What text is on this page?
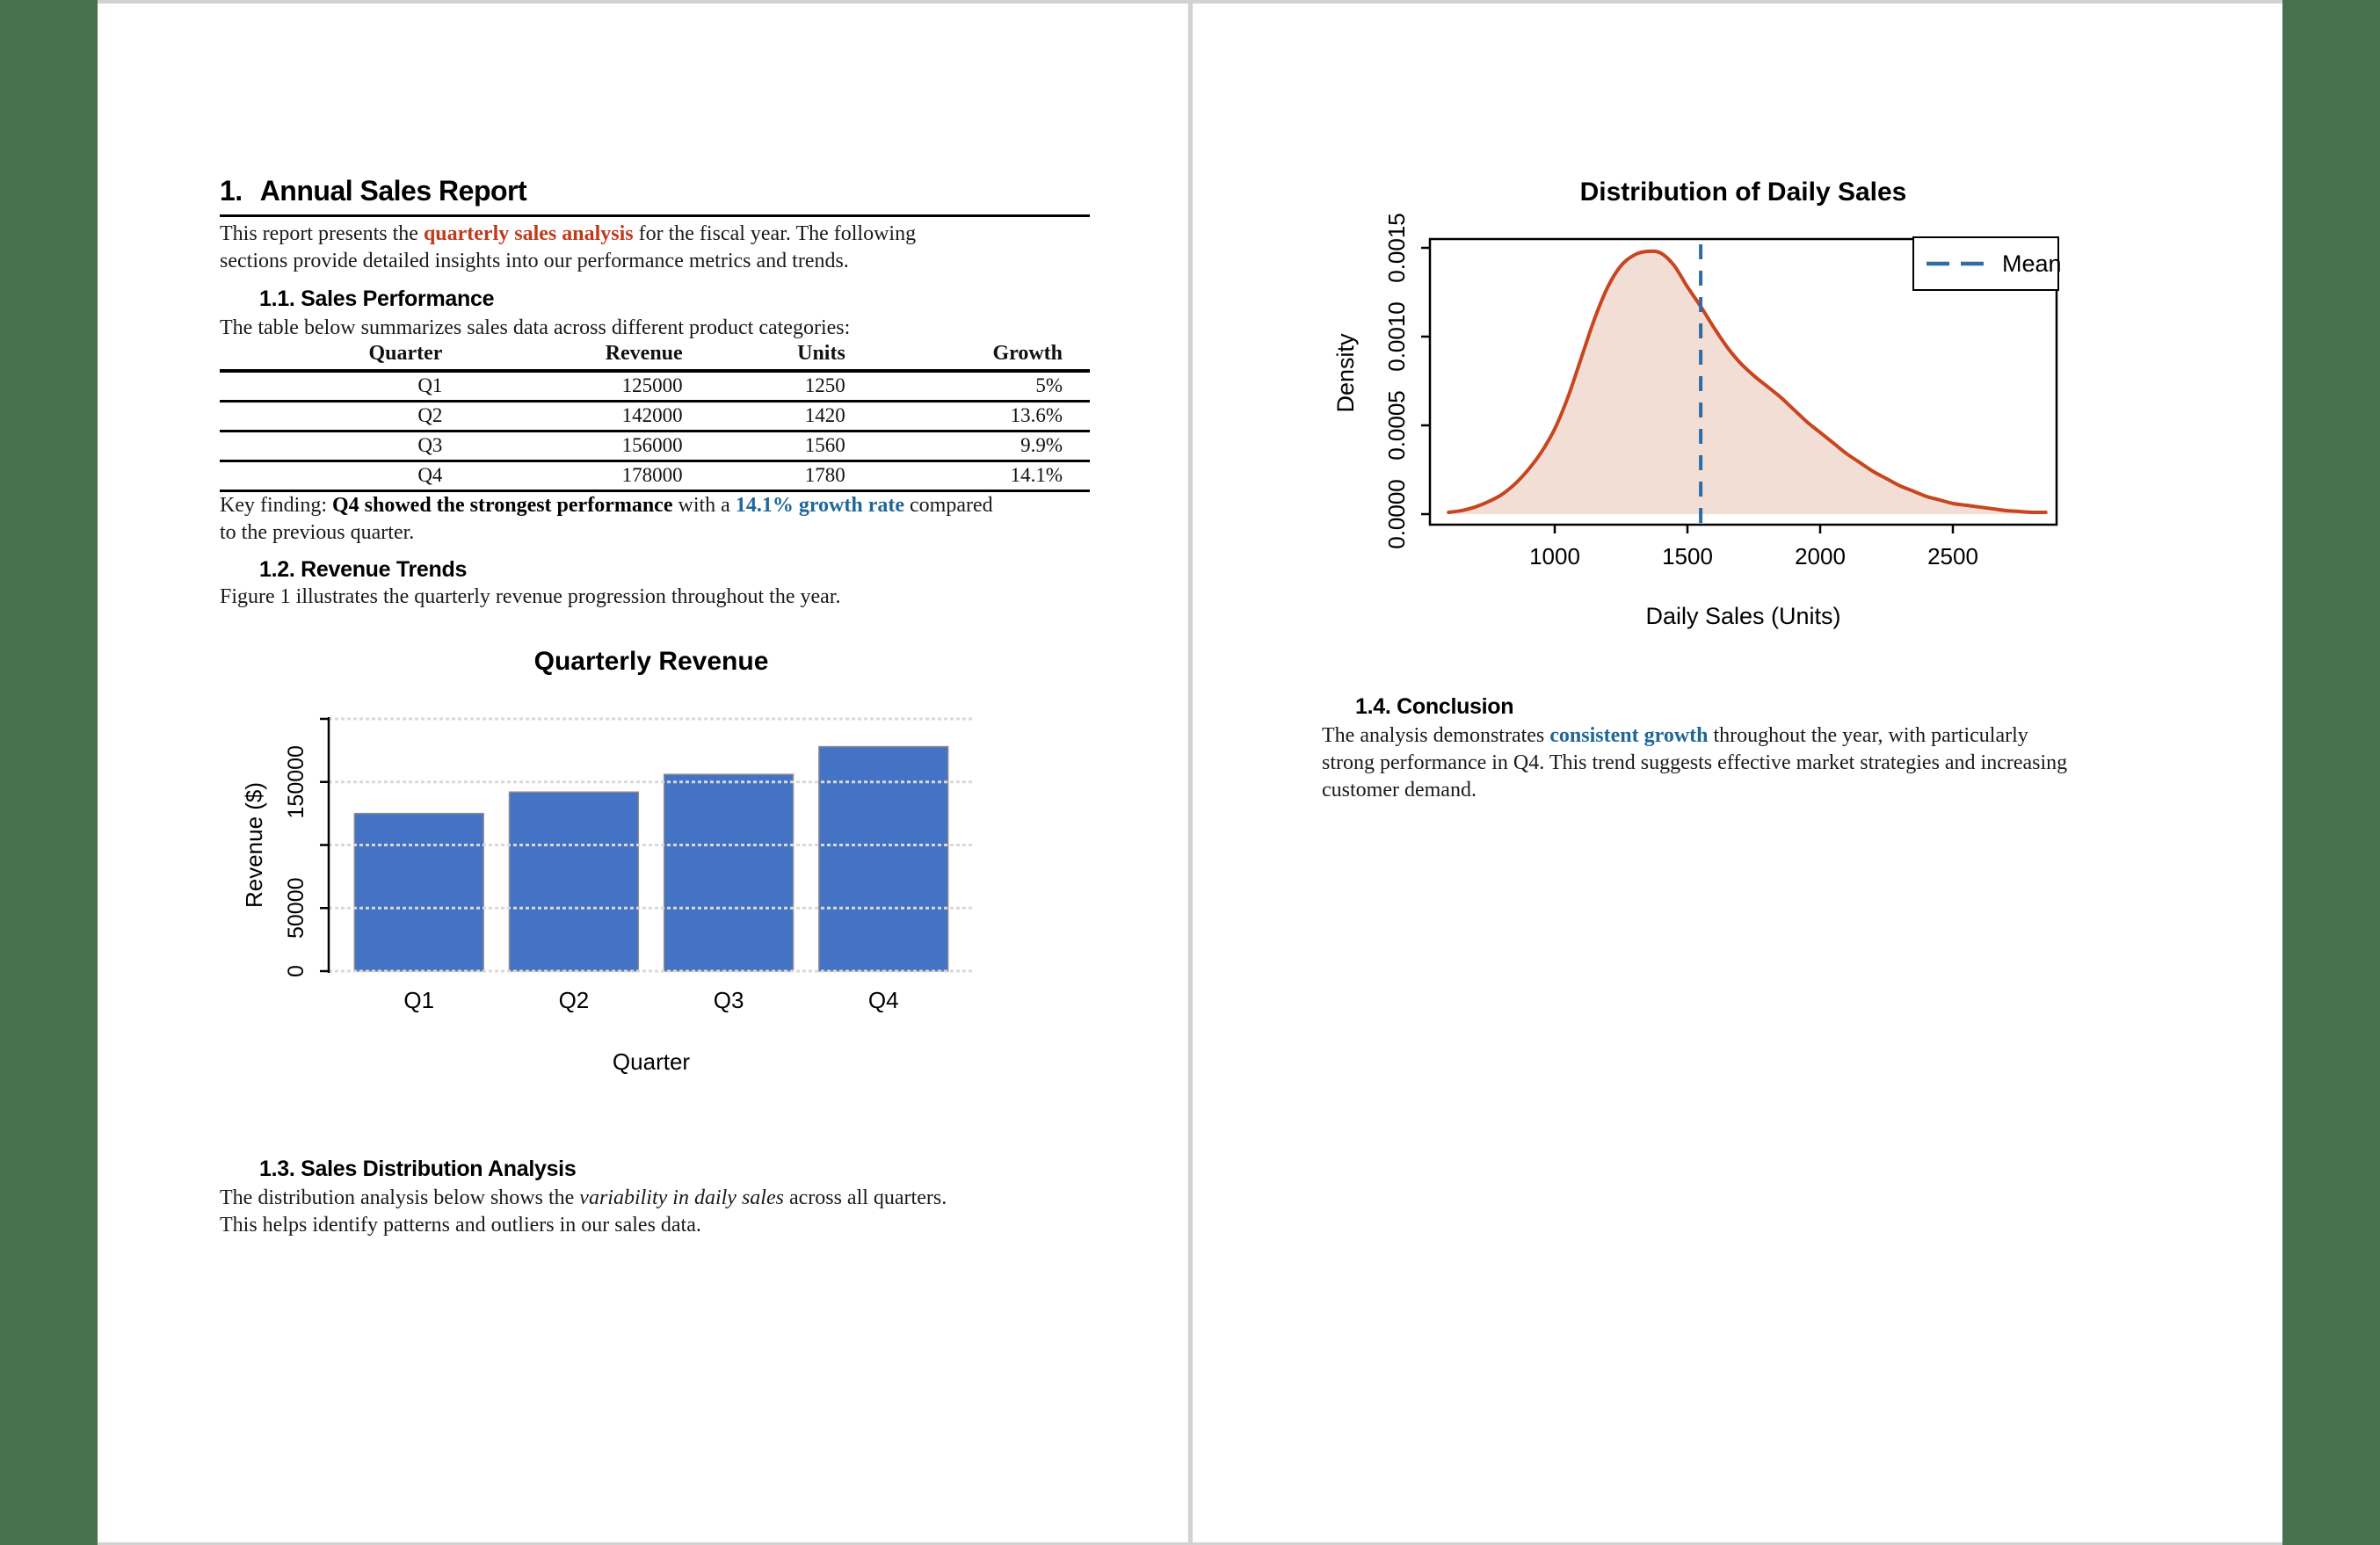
1. Annual Sales Report

This report presents the quarterly sales analysis for the fiscal year. The following
sections provide detailed insights into our performance metrics and trends.

1.1. Sales Performance

The table below summarizes sales data across different product categories:

Quarter	Revenue	Units	Growth
Q1	125000	1250	5%
Q2	142000	1420	13.6%
Q3	156000	1560	9.9%
Q4	178000	1780	14.1%

Key finding: Q4 showed the strongest performance with a 14.1% growth rate compared
to the previous quarter.

1.2. Revenue Trends

Figure 1 illustrates the quarterly revenue progression throughout the year.

Quarterly Revenue
Q1	Q2	Q3	Q4
0
50000
150000
Revenue ($)
Quarter
1.3. Sales Distribution Analysis

The distribution analysis below shows the variability in daily sales across all quarters.
This helps identify patterns and outliers in our sales data.

Distribution of Daily Sales
1000	1500	2000	2500
Daily Sales (Units)
0.0000
0.0005
0.0010
0.0015
Density
Mean
1.4. Conclusion

The analysis demonstrates consistent growth throughout the year, with particularly
strong performance in Q4. This trend suggests effective market strategies and increasing
customer demand.
